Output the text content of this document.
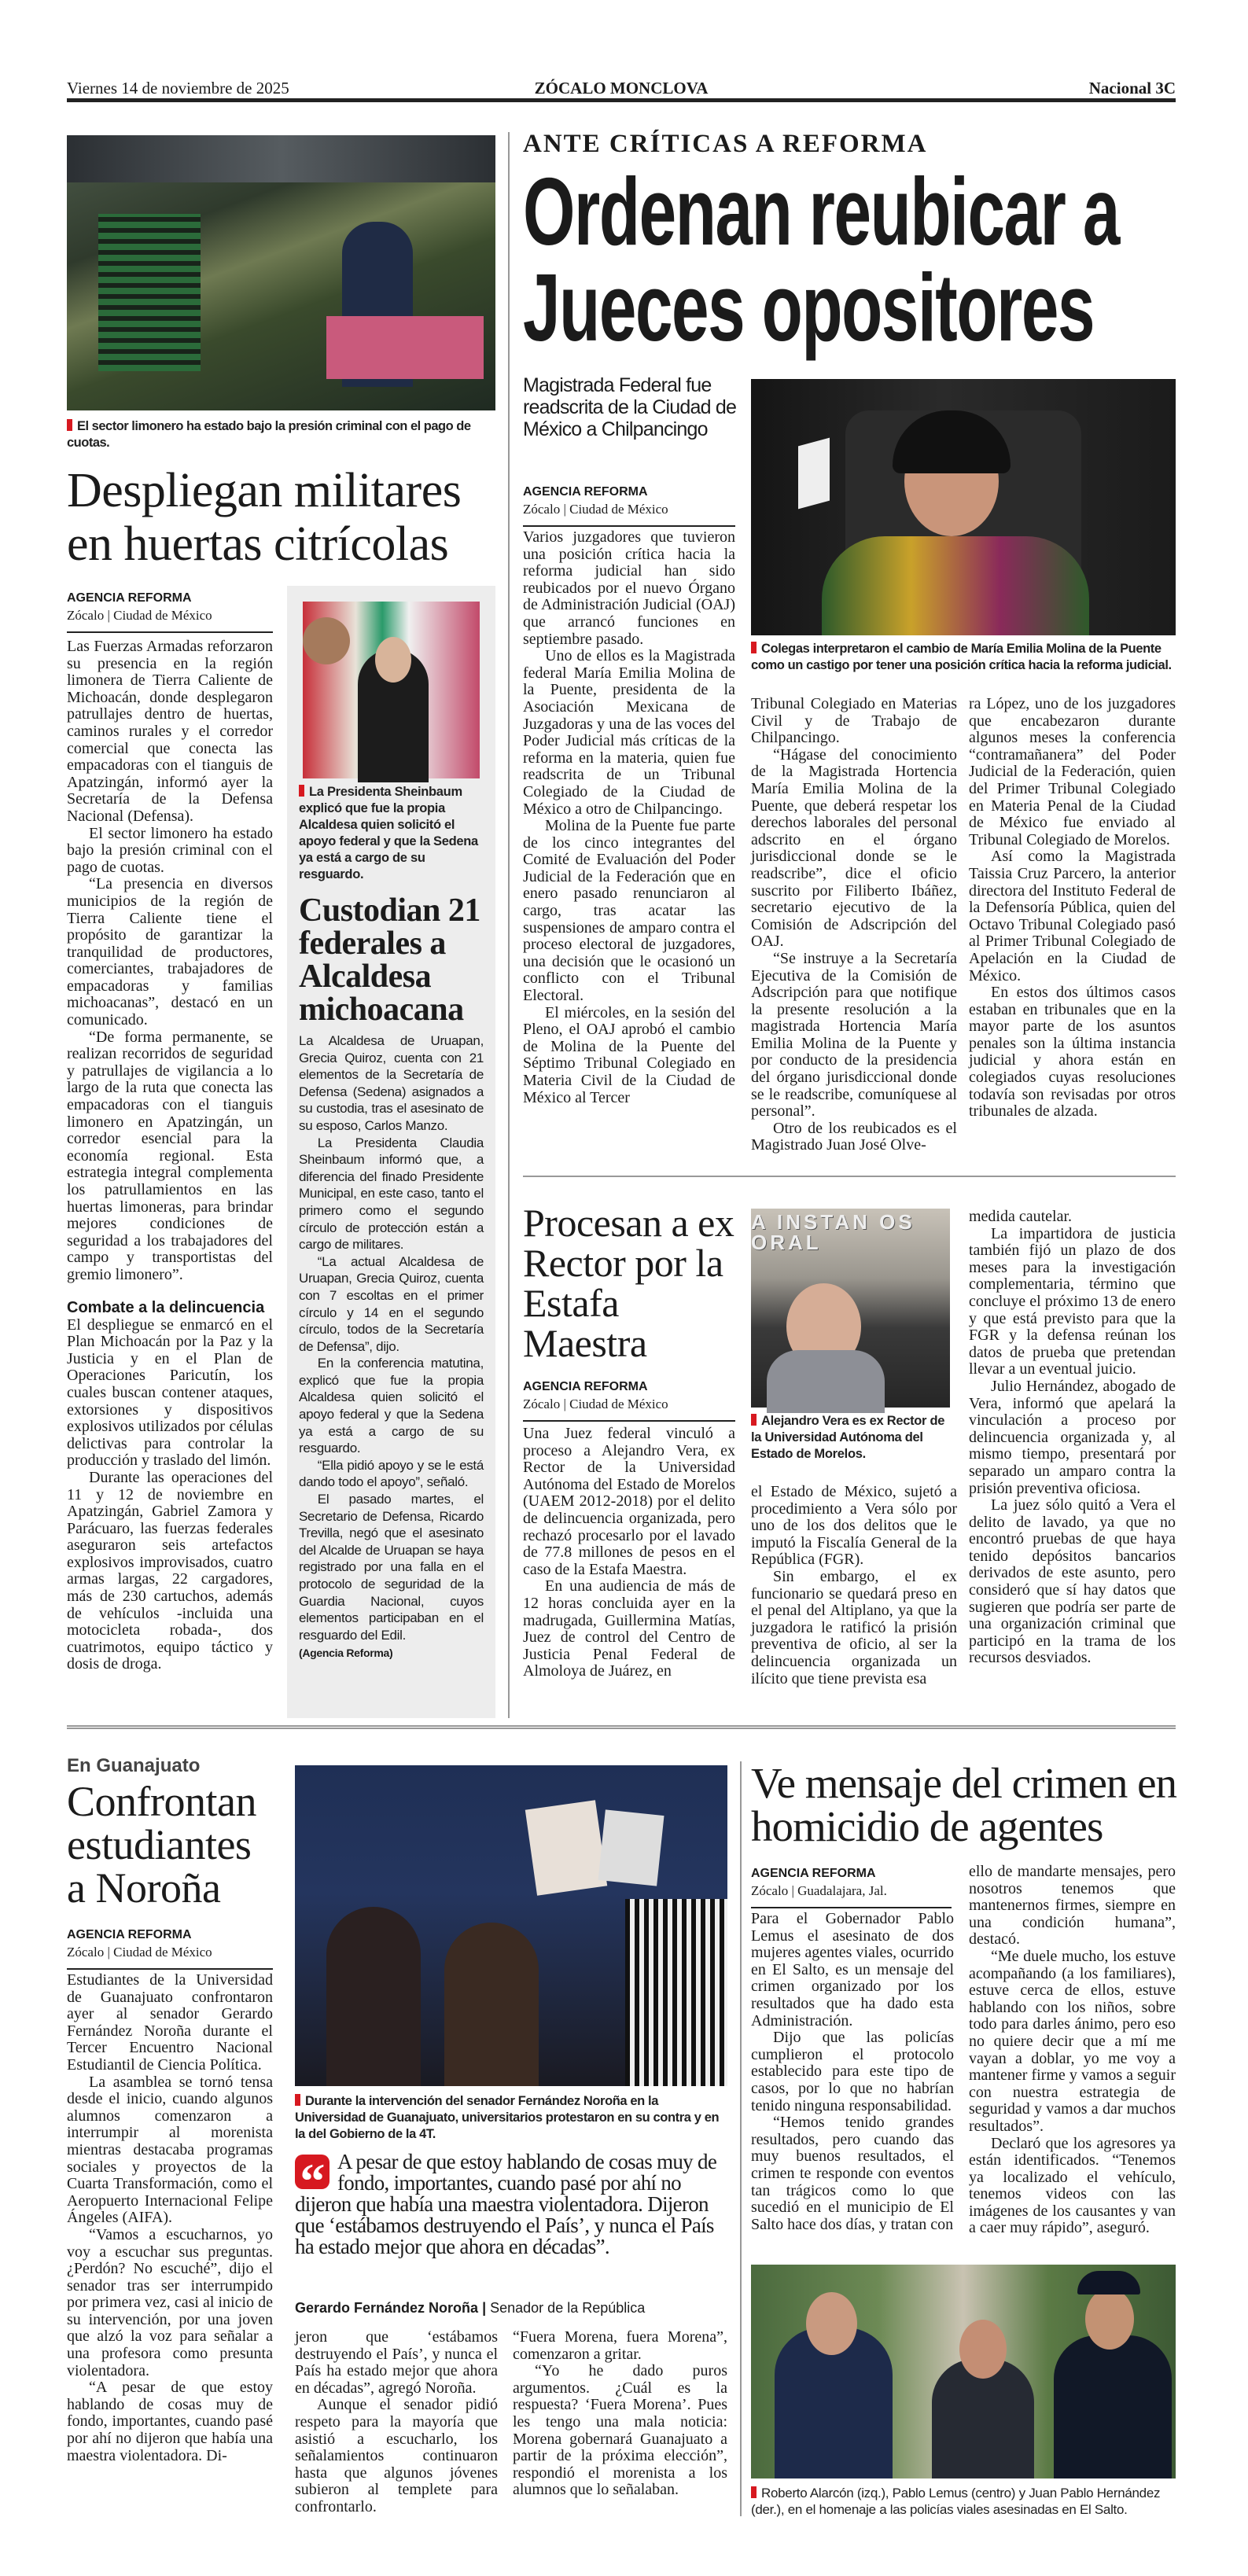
Viernes 14 de noviembre de 2025	ZÓCALO MONCLOVA	Nacional 3C
El sector limonero ha estado bajo la presión criminal con el pago de cuotas.
Despliegan militares en huertas citrícolas
AGENCIA REFORMA
Zócalo | Ciudad de México

Las Fuerzas Armadas reforzaron su presencia en la región limonera de Tierra Caliente de Michoacán, donde desplegaron patrullajes dentro de huertas, caminos rurales y el corredor comercial que conecta las empacadoras con el tianguis de Apatzingán, informó ayer la Secretaría de la Defensa Nacional (Defensa).

El sector limonero ha estado bajo la presión criminal con el pago de cuotas.

“La presencia en diversos municipios de la región de Tierra Caliente tiene el propósito de garantizar la tranquilidad de productores, comerciantes, trabajadores de empacadoras y familias michoacanas”, destacó en un comunicado.

“De forma permanente, se realizan recorridos de seguridad y patrullajes de vigilancia a lo largo de la ruta que conecta las empacadoras con el tianguis limonero en Apatzingán, un corredor esencial para la economía regional. Esta estrategia integral complementa los patrullamientos en las huertas limoneras, para brindar mejores condiciones de seguridad a los trabajadores del campo y transportistas del gremio limonero”.

Combate a la delincuencia

El despliegue se enmarcó en el Plan Michoacán por la Paz y la Justicia y en el Plan de Operaciones Paricutín, los cuales buscan contener ataques, extorsiones y dispositivos explosivos utilizados por células delictivas para controlar la producción y traslado del limón.

Durante las operaciones del 11 y 12 de noviembre en Apatzingán, Gabriel Zamora y Parácuaro, las fuerzas federales aseguraron seis artefactos explosivos improvisados, cuatro armas largas, 22 cargadores, más de 230 cartuchos, además de vehículos -incluida una motocicleta robada-, dos cuatrimotos, equipo táctico y dosis de droga.

La Presidenta Sheinbaum explicó que fue la propia Alcaldesa quien solicitó el apoyo federal y que la Sedena ya está a cargo de su resguardo.
Custodian 21 federales a Alcaldesa michoacana

La Alcaldesa de Uruapan, Grecia Quiroz, cuenta con 21 elementos de la Secretaría de Defensa (Sedena) asignados a su custodia, tras el asesinato de su esposo, Carlos Manzo.

La Presidenta Claudia Sheinbaum informó que, a diferencia del finado Presidente Municipal, en este caso, tanto el primero como el segundo círculo de protección están a cargo de militares.

“La actual Alcaldesa de Uruapan, Grecia Quiroz, cuenta con 7 escoltas en el primer círculo y 14 en el segundo círculo, todos de la Secretaría de Defensa”, dijo.

En la conferencia matutina, explicó que fue la propia Alcaldesa quien solicitó el apoyo federal y que la Sedena ya está a cargo de su resguardo.

“Ella pidió apoyo y se le está dando todo el apoyo”, señaló.

El pasado martes, el Secretario de Defensa, Ricardo Trevilla, negó que el asesinato del Alcalde de Uruapan se haya registrado por una falla en el protocolo de seguridad de la Guardia Nacional, cuyos elementos participaban en el resguardo del Edil.

(Agencia Reforma)
ANTE CRÍTICAS A REFORMA
Ordenan reubicar a
Jueces opositores
Magistrada Federal fue readscrita de la Ciudad de México a Chilpancingo
AGENCIA REFORMA
Zócalo | Ciudad de México
Colegas interpretaron el cambio de María Emilia Molina de la Puente como un castigo por tener una posición crítica hacia la reforma judicial.

Varios juzgadores que tuvieron una posición crítica hacia la reforma judicial han sido reubicados por el nuevo Órgano de Administración Judicial (OAJ) que arrancó funciones en septiembre pasado.

Uno de ellos es la Magistrada federal María Emilia Molina de la Puente, presidenta de la Asociación Mexicana de Juzgadoras y una de las voces del Poder Judicial más críticas de la reforma en la materia, quien fue readscrita de un Tribunal Colegiado de la Ciudad de México a otro de Chilpancingo.

Molina de la Puente fue parte de los cinco integrantes del Comité de Evaluación del Poder Judicial de la Federación que en enero pasado renunciaron al cargo, tras acatar las suspensiones de amparo contra el proceso electoral de juzgadores, una decisión que le ocasionó un conflicto con el Tribunal Electoral.

El miércoles, en la sesión del Pleno, el OAJ aprobó el cambio de Molina de la Puente del Séptimo Tribunal Colegiado en Materia Civil de la Ciudad de México al Tercer

Tribunal Colegiado en Materias Civil y de Trabajo de Chilpancingo.

“Hágase del conocimiento de la Magistrada Hortencia María Emilia Molina de la Puente, que deberá respetar los derechos laborales del personal adscrito en el órgano jurisdiccional donde se le readscribe”, dice el oficio suscrito por Filiberto Ibáñez, secretario ejecutivo de la Comisión de Adscripción del OAJ.

“Se instruye a la Secretaría Ejecutiva de la Comisión de Adscripción para que notifique la presente resolución a la magistrada Hortencia María Emilia Molina de la Puente y por conducto de la presidencia del órgano jurisdiccional donde se le readscribe, comuníquese al personal”.

Otro de los reubicados es el Magistrado Juan José Olve-

ra López, uno de los juzgadores que encabezaron durante algunos meses la conferencia “contramañanera” del Poder Judicial de la Federación, quien del Primer Tribunal Colegiado en Materia Penal de la Ciudad de México fue enviado al Tribunal Colegiado de Morelos.

Así como la Magistrada Taissia Cruz Parcero, la anterior directora del Instituto Federal de la Defensoría Pública, quien del Octavo Tribunal Colegiado pasó al Primer Tribunal Colegiado de Apelación en la Ciudad de México.

En estos dos últimos casos estaban en tribunales que en la mayor parte de los asuntos penales son la última instancia judicial y ahora están en colegiados cuyas resoluciones todavía son revisadas por otros tribunales de alzada.

Procesan a ex Rector por la Estafa Maestra
AGENCIA REFORMA
Zócalo | Ciudad de México
A INSTAN OS ORAL
Alejandro Vera es ex Rector de la Universidad Autónoma del Estado de Morelos.

Una Juez federal vinculó a proceso a Alejandro Vera, ex Rector de la Universidad Autónoma del Estado de Morelos (UAEM 2012-2018) por el delito de delincuencia organizada, pero rechazó procesarlo por el lavado de 77.8 millones de pesos en el caso de la Estafa Maestra.

En una audiencia de más de 12 horas concluida ayer en la madrugada, Guillermina Matías, Juez de control del Centro de Justicia Penal Federal de Almoloya de Juárez, en

el Estado de México, sujetó a procedimiento a Vera sólo por uno de los dos delitos que le imputó la Fiscalía General de la República (FGR).

Sin embargo, el ex funcionario se quedará preso en el penal del Altiplano, ya que la juzgadora le ratificó la prisión preventiva de oficio, al ser la delincuencia organizada un ilícito que tiene prevista esa

medida cautelar.

La impartidora de justicia también fijó un plazo de dos meses para la investigación complementaria, término que concluye el próximo 13 de enero y que está previsto para que la FGR y la defensa reúnan los datos de prueba que pretendan llevar a un eventual juicio.

Julio Hernández, abogado de Vera, informó que apelará la vinculación a proceso por delincuencia organizada y, al mismo tiempo, presentará por separado un amparo contra la prisión preventiva oficiosa.

La juez sólo quitó a Vera el delito de lavado, ya que no encontró pruebas de que haya tenido depósitos bancarios derivados de este asunto, pero consideró que sí hay datos que sugieren que podría ser parte de una organización criminal que participó en la trama de los recursos desviados.

En Guanajuato
Confrontan estudiantes a Noroña
AGENCIA REFORMA
Zócalo | Ciudad de México

Estudiantes de la Universidad de Guanajuato confrontaron ayer al senador Gerardo Fernández Noroña durante el Tercer Encuentro Nacional Estudiantil de Ciencia Política.

La asamblea se tornó tensa desde el inicio, cuando algunos alumnos comenzaron a interrumpir al morenista mientras destacaba programas sociales y proyectos de la Cuarta Transformación, como el Aeropuerto Internacional Felipe Ángeles (AIFA).

“Vamos a escucharnos, yo voy a escuchar sus preguntas. ¿Perdón? No escuché”, dijo el senador tras ser interrumpido por primera vez, casi al inicio de su intervención, por una joven que alzó la voz para señalar a una profesora como presunta violentadora.

“A pesar de que estoy hablando de cosas muy de fondo, importantes, cuando pasé por ahí no dijeron que había una maestra violentadora. Di-

Durante la intervención del senador Fernández Noroña en la Universidad de Guanajuato, universitarios protestaron en su contra y en la del Gobierno de la 4T.
“ A pesar de que estoy hablando de cosas muy de fondo, importantes, cuando pasé por ahí no dijeron que había una maestra violentadora. Dijeron que ‘estábamos destruyendo el País’, y nunca el País ha estado mejor que ahora en décadas”.
Gerardo Fernández Noroña | Senador de la República

jeron que ‘estábamos destruyendo el País’, y nunca el País ha estado mejor que ahora en décadas”, agregó Noroña.

Aunque el senador pidió respeto para la mayoría que asistió a escucharlo, los señalamientos continuaron hasta que algunos jóvenes subieron al templete para confrontarlo.

“Fuera Morena, fuera Morena”, comenzaron a gritar.

“Yo he dado puros argumentos. ¿Cuál es la respuesta? ‘Fuera Morena’. Pues les tengo una mala noticia: Morena gobernará Guanajuato a partir de la próxima elección”, respondió el morenista a los alumnos que lo señalaban.

Ve mensaje del crimen en homicidio de agentes
AGENCIA REFORMA
Zócalo | Guadalajara, Jal.

Para el Gobernador Pablo Lemus el asesinato de dos mujeres agentes viales, ocurrido en El Salto, es un mensaje del crimen organizado por los resultados que ha dado esta Administración.

Dijo que las policías cumplieron el protocolo establecido para este tipo de casos, por lo que no habrían tenido ninguna responsabilidad.

“Hemos tenido grandes resultados, pero cuando das muy buenos resultados, el crimen te responde con eventos tan trágicos como lo que sucedió en el municipio de El Salto hace dos días, y tratan con

ello de mandarte mensajes, pero nosotros tenemos que mantenernos firmes, siempre en una condición humana”, destacó.

“Me duele mucho, los estuve acompañando (a los familiares), estuve cerca de ellos, estuve hablando con los niños, sobre todo para darles ánimo, pero eso no quiere decir que a mí me vayan a doblar, yo me voy a mantener firme y vamos a seguir con nuestra estrategia de seguridad y vamos a dar muchos resultados”.

Declaró que los agresores ya están identificados. “Tenemos ya localizado el vehículo, tenemos videos con las imágenes de los causantes y van a caer muy rápido”, aseguró.

Roberto Alarcón (izq.), Pablo Lemus (centro) y Juan Pablo Hernández (der.), en el homenaje a las policías viales asesinadas en El Salto.
